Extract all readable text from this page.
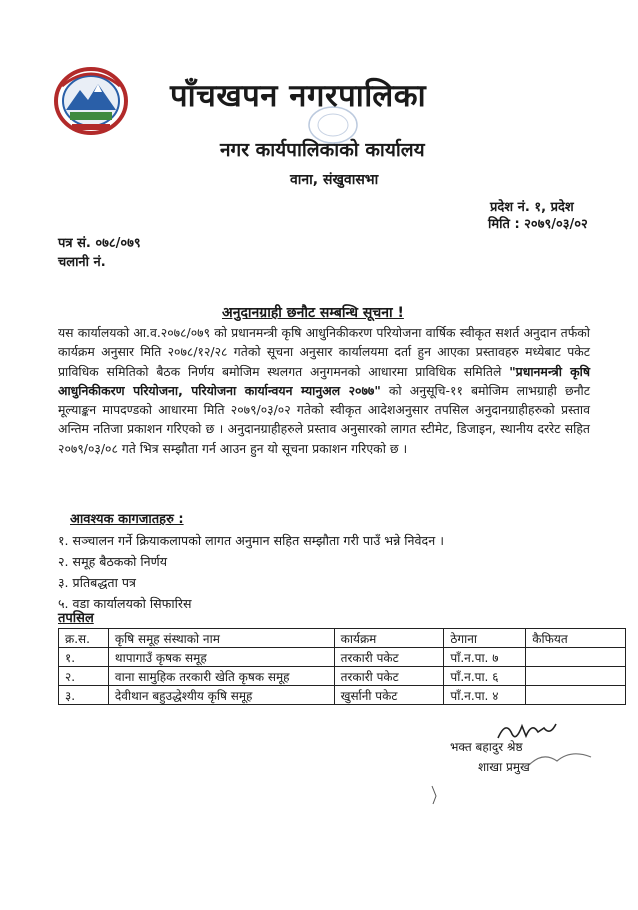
पाँचखपन नगरपालिका
नगर कार्यपालिकाको कार्यालय
वाना, संखुवासभा
प्रदेश नं. १, प्रदेश
मिति : २०७९/०३/०२
पत्र सं. ०७८/०७९
चलानी नं.
अनुदानग्राही छनौट सम्बन्धि सूचना !
यस कार्यालयको आ.व.२०७८/०७९ को प्रधानमन्त्री कृषि आधुनिकीकरण परियोजना वार्षिक स्वीकृत सशर्त अनुदान तर्फको कार्यक्रम अनुसार मिति २०७८/१२/२८ गतेको सूचना अनुसार कार्यालयमा दर्ता हुन आएका प्रस्तावहरु मध्येबाट पकेट प्राविधिक समितिको बैठक निर्णय बमोजिम स्थलगत अनुगमनको आधारमा प्राविधिक समितिले "प्रधानमन्त्री कृषि आधुनिकीकरण परियोजना, परियोजना कार्यान्वयन म्यानुअल २०७७" को अनुसूचि-११ बमोजिम लाभग्राही छनौट मूल्याङ्कन मापदण्डको आधारमा मिति २०७९/०३/०२ गतेको स्वीकृत आदेशअनुसार तपसिल अनुदानग्राहीहरुको प्रस्ताव अन्तिम नतिजा प्रकाशन गरिएको छ । अनुदानग्राहीहरुले प्रस्ताव अनुसारको लागत स्टीमेट, डिजाइन, स्थानीय दररेट सहित २०७९/०३/०८ गते भित्र सम्झौता गर्न आउन हुन यो सूचना प्रकाशन गरिएको छ ।
आवश्यक कागजातहरु :
१. सञ्चालन गर्ने क्रियाकलापको लागत अनुमान सहित सम्झौता गरी पाउँ भन्ने निवेदन ।
२. समूह बैठकको निर्णय
३. प्रतिबद्धता पत्र
५. वडा कार्यालयको सिफारिस
तपसिल
क्र.स.	कृषि समूह संस्थाको नाम	कार्यक्रम	ठेगाना	कैफियत
१.	थापागाउँ कृषक समूह	तरकारी पकेट	पाँ.न.पा. ७	
२.	वाना सामुहिक तरकारी खेति कृषक समूह	तरकारी पकेट	पाँ.न.पा. ६	
३.	देवीथान बहुउद्धेश्यीय कृषि समूह	खुर्सानी पकेट	पाँ.न.पा. ४	
भक्त बहादुर श्रेष्ठ
शाखा प्रमुख
